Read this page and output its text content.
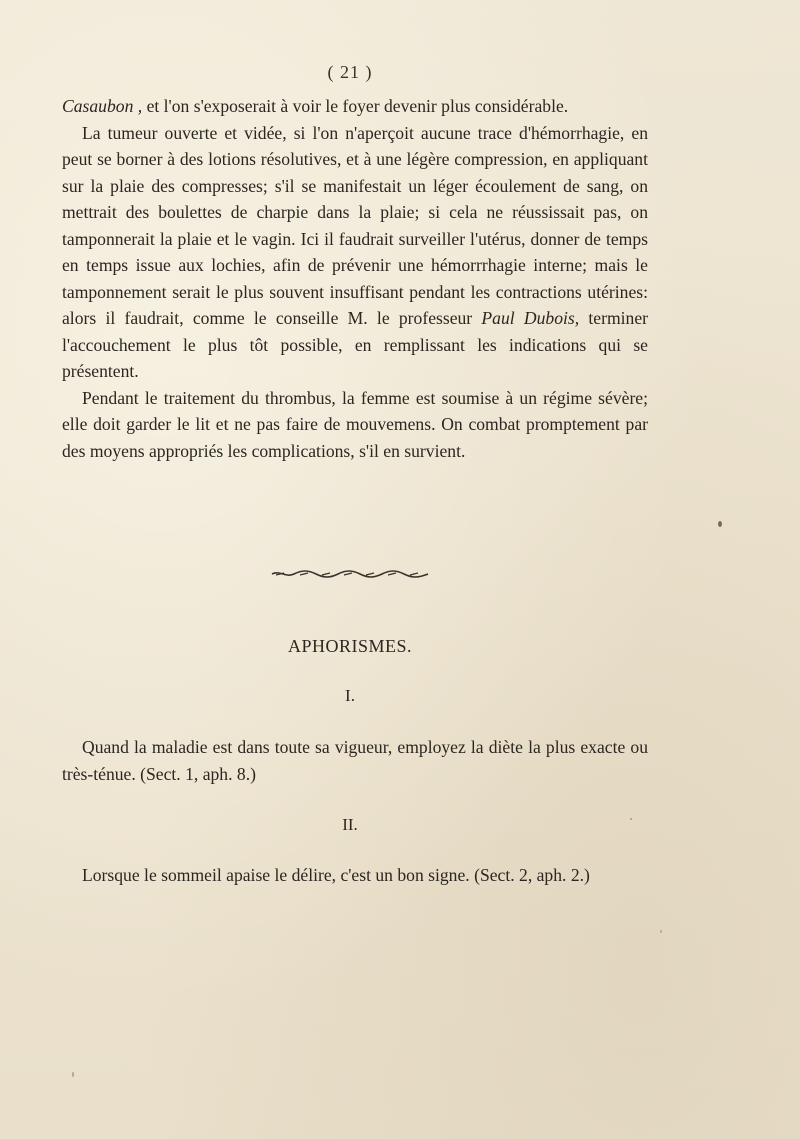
( 21 )

Casaubon , et l'on s'exposerait à voir le foyer devenir plus considérable.

La tumeur ouverte et vidée, si l'on n'aperçoit aucune trace d'hémorrhagie, en peut se borner à des lotions résolutives, et à une légère compression, en appliquant sur la plaie des compresses; s'il se manifestait un léger écoulement de sang, on mettrait des boulettes de charpie dans la plaie; si cela ne réussissait pas, on tamponnerait la plaie et le vagin. Ici il faudrait surveiller l'utérus, donner de temps en temps issue aux lochies, afin de prévenir une hémorrrhagie interne; mais le tamponnement serait le plus souvent insuffisant pendant les contractions utérines: alors il faudrait, comme le conseille M. le professeur Paul Dubois, terminer l'accouchement le plus tôt possible, en remplissant les indications qui se présentent.

Pendant le traitement du thrombus, la femme est soumise à un régime sévère; elle doit garder le lit et ne pas faire de mouvemens. On combat promptement par des moyens appropriés les complications, s'il en survient.

APHORISMES.
I.

Quand la maladie est dans toute sa vigueur, employez la diète la plus exacte ou très-ténue. (Sect. 1, aph. 8.)

II.

Lorsque le sommeil apaise le délire, c'est un bon signe. (Sect. 2, aph. 2.)
